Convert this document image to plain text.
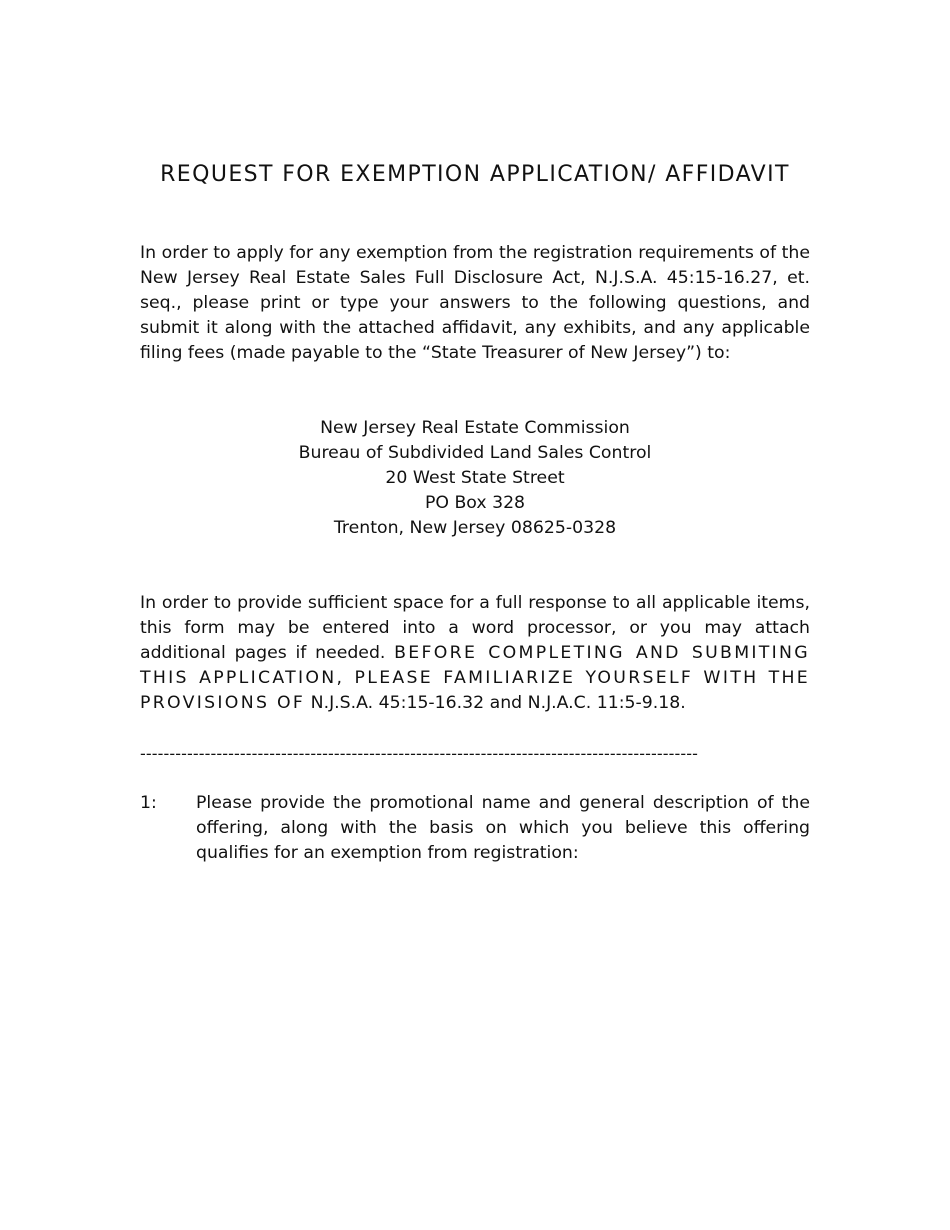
REQUEST FOR EXEMPTION APPLICATION/ AFFIDAVIT
In order to apply for any exemption from the registration requirements of the New Jersey Real Estate Sales Full Disclosure Act, N.J.S.A. 45:15-16.27, et. seq., please print or type your answers to the following questions, and submit it along with the attached affidavit, any exhibits, and any applicable filing fees (made payable to the “State Treasurer of New Jersey”) to:
New Jersey Real Estate Commission
Bureau of Subdivided Land Sales Control
20 West State Street
PO Box 328
Trenton, New Jersey 08625-0328
In order to provide sufficient space for a full response to all applicable items, this form may be entered into a word processor, or you may attach additional pages if needed. BEFORE COMPLETING AND SUBMITING THIS APPLICATION, PLEASE FAMILIARIZE YOURSELF WITH THE PROVISIONS OF N.J.S.A. 45:15-16.32 and N.J.A.C. 11:5-9.18.
-----------------------------------------------------------------------------------------------
1: Please provide the promotional name and general description of the offering, along with the basis on which you believe this offering qualifies for an exemption from registration:
